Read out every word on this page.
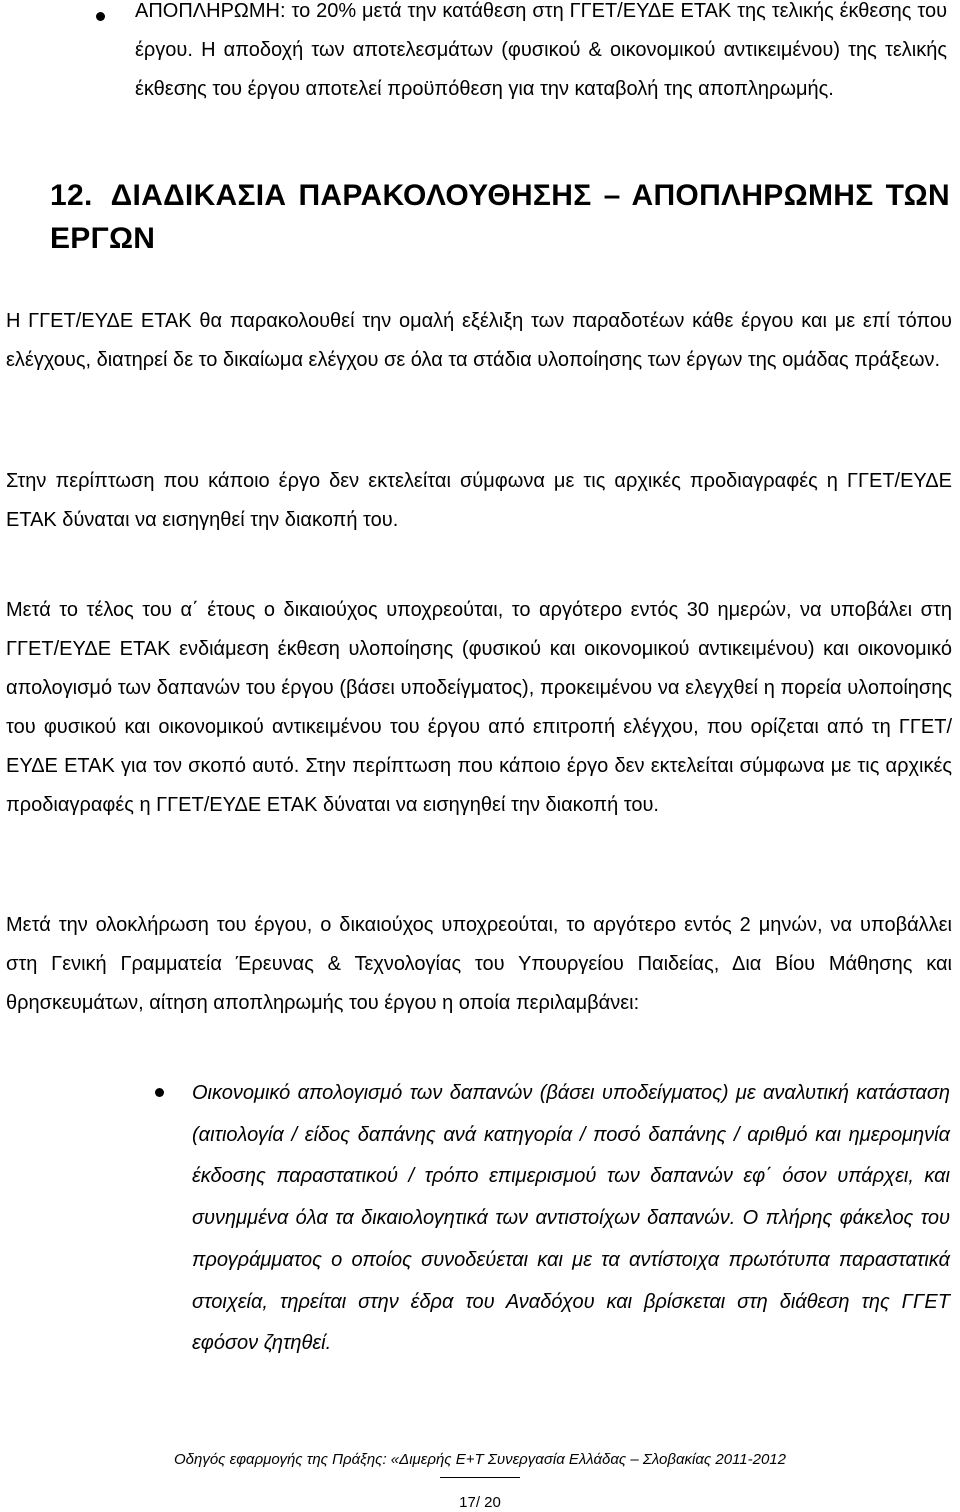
ΑΠΟΠΛΗΡΩΜΗ: το 20% μετά την κατάθεση στη ΓΓΕΤ/ΕΥΔΕ ΕΤΑΚ της τελικής έκθεσης του έργου. Η αποδοχή των αποτελεσμάτων (φυσικού & οικονομικού αντικειμένου) της τελικής έκθεσης του έργου αποτελεί προϋπόθεση για την καταβολή της αποπληρωμής.
12. ΔΙΑΔΙΚΑΣΙΑ ΠΑΡΑΚΟΛΟΥΘΗΣΗΣ – ΑΠΟΠΛΗΡΩΜΗΣ ΤΩΝ ΕΡΓΩΝ
Η ΓΓΕΤ/ΕΥΔΕ ΕΤΑΚ θα παρακολουθεί την ομαλή εξέλιξη των παραδοτέων κάθε έργου και με επί τόπου ελέγχους, διατηρεί δε το δικαίωμα ελέγχου σε όλα τα στάδια υλοποίησης των έργων της ομάδας πράξεων.
Στην περίπτωση που κάποιο έργο δεν εκτελείται σύμφωνα με τις αρχικές προδιαγραφές η ΓΓΕΤ/ΕΥΔΕ ΕΤΑΚ δύναται να εισηγηθεί την διακοπή του.
Μετά το τέλος του α΄ έτους ο δικαιούχος υποχρεούται, το αργότερο εντός 30 ημερών, να υποβάλει στη ΓΓΕΤ/ΕΥΔΕ ΕΤΑΚ ενδιάμεση έκθεση υλοποίησης (φυσικού και οικονομικού αντικειμένου) και οικονομικό απολογισμό των δαπανών του έργου (βάσει υποδείγματος), προκειμένου να ελεγχθεί η πορεία υλοποίησης του φυσικού και οικονομικού αντικειμένου του έργου από επιτροπή ελέγχου, που ορίζεται από τη ΓΓΕΤ/ΕΥΔΕ ΕΤΑΚ για τον σκοπό αυτό. Στην περίπτωση που κάποιο έργο δεν εκτελείται σύμφωνα με τις αρχικές προδιαγραφές η ΓΓΕΤ/ΕΥΔΕ ΕΤΑΚ δύναται να εισηγηθεί την διακοπή του.
Μετά την ολοκλήρωση του έργου, ο δικαιούχος υποχρεούται, το αργότερο εντός 2 μηνών, να υποβάλλει στη Γενική Γραμματεία Έρευνας & Τεχνολογίας του Υπουργείου Παιδείας, Δια Βίου Μάθησης και θρησκευμάτων, αίτηση αποπληρωμής του έργου η οποία περιλαμβάνει:
Οικονομικό απολογισμό των δαπανών (βάσει υποδείγματος) με αναλυτική κατάσταση (αιτιολογία / είδος δαπάνης ανά κατηγορία / ποσό δαπάνης / αριθμό και ημερομηνία έκδοσης παραστατικού / τρόπο επιμερισμού των δαπανών εφ΄ όσον υπάρχει, και συνημμένα όλα τα δικαιολογητικά των αντιστοίχων δαπανών. Ο πλήρης φάκελος του προγράμματος ο οποίος συνοδεύεται και με τα αντίστοιχα πρωτότυπα παραστατικά στοιχεία, τηρείται στην έδρα του Αναδόχου και βρίσκεται στη διάθεση της ΓΓΕΤ εφόσον ζητηθεί.
Οδηγός εφαρμογής της Πράξης: «Διμερής Ε+Τ Συνεργασία Ελλάδας – Σλοβακίας 2011-2012
17/ 20
